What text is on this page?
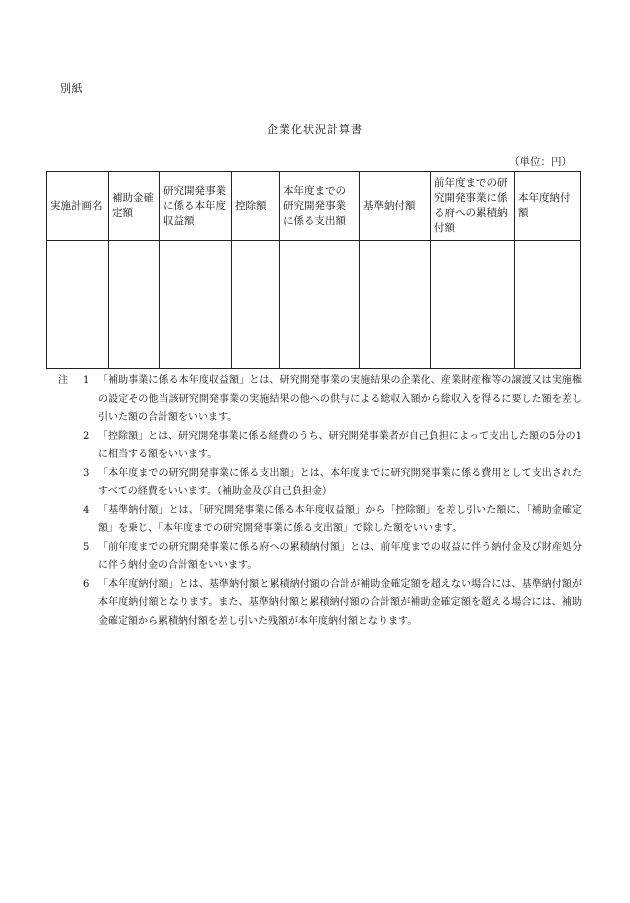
別紙
企業化状況計算書
（単位：円）
実施計画名	補助金確定額	研究開発事業に係る本年度収益額	控除額	本年度までの研究開発事業に係る支出額	基準納付額	前年度までの研究開発事業に係る府への累積納付額	本年度納付額

注	1 「補助事業に係る本年度収益額」とは、研究開発事業の実施結果の企業化、産業財産権等の譲渡又は実施権の設定その他当該研究開発事業の実施結果の他への供与による総収入額から総収入を得るに要した額を差し引いた額の合計額をいいます。
2 「控除額」とは、研究開発事業に係る経費のうち、研究開発事業者が自己負担によって支出した額の5分の1に相当する額をいいます。
3 「本年度までの研究開発事業に係る支出額」とは、本年度までに研究開発事業に係る費用として支出されたすべての経費をいいます。（補助金及び自己負担金）
4 「基準納付額」とは、「研究開発事業に係る本年度収益額」から「控除額」を差し引いた額に、「補助金確定額」を乗じ、「本年度までの研究開発事業に係る支出額」で除した額をいいます。
5 「前年度までの研究開発事業に係る府への累積納付額」とは、前年度までの収益に伴う納付金及び財産処分に伴う納付金の合計額をいいます。
6 「本年度納付額」とは、基準納付額と累積納付額の合計が補助金確定額を超えない場合には、基準納付額が本年度納付額となります。また、基準納付額と累積納付額の合計額が補助金確定額を超える場合には、補助金確定額から累積納付額を差し引いた残額が本年度納付額となります。
